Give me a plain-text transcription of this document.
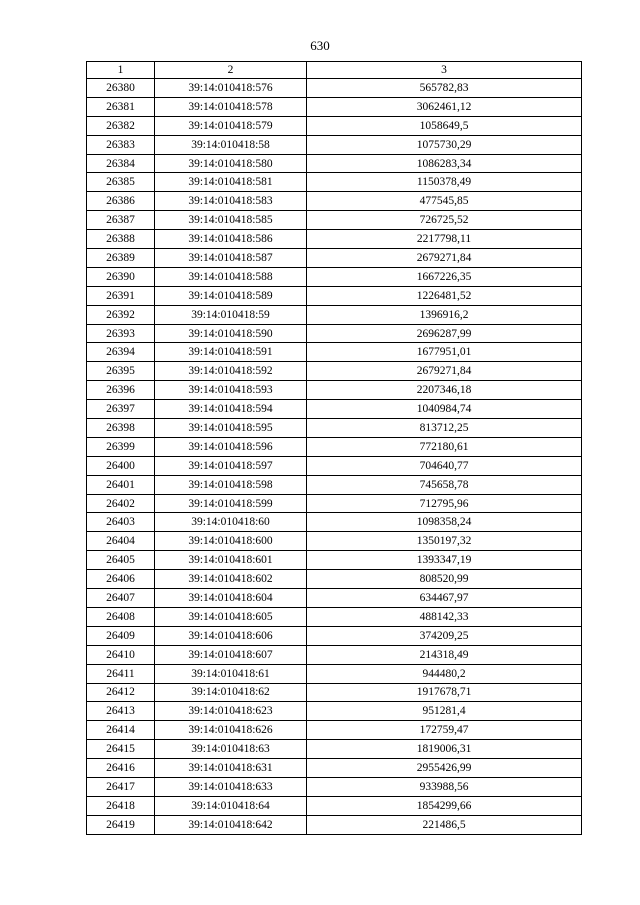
630
1	2	3
26380	39:14:010418:576	565782,83
26381	39:14:010418:578	3062461,12
26382	39:14:010418:579	1058649,5
26383	39:14:010418:58	1075730,29
26384	39:14:010418:580	1086283,34
26385	39:14:010418:581	1150378,49
26386	39:14:010418:583	477545,85
26387	39:14:010418:585	726725,52
26388	39:14:010418:586	2217798,11
26389	39:14:010418:587	2679271,84
26390	39:14:010418:588	1667226,35
26391	39:14:010418:589	1226481,52
26392	39:14:010418:59	1396916,2
26393	39:14:010418:590	2696287,99
26394	39:14:010418:591	1677951,01
26395	39:14:010418:592	2679271,84
26396	39:14:010418:593	2207346,18
26397	39:14:010418:594	1040984,74
26398	39:14:010418:595	813712,25
26399	39:14:010418:596	772180,61
26400	39:14:010418:597	704640,77
26401	39:14:010418:598	745658,78
26402	39:14:010418:599	712795,96
26403	39:14:010418:60	1098358,24
26404	39:14:010418:600	1350197,32
26405	39:14:010418:601	1393347,19
26406	39:14:010418:602	808520,99
26407	39:14:010418:604	634467,97
26408	39:14:010418:605	488142,33
26409	39:14:010418:606	374209,25
26410	39:14:010418:607	214318,49
26411	39:14:010418:61	944480,2
26412	39:14:010418:62	1917678,71
26413	39:14:010418:623	951281,4
26414	39:14:010418:626	172759,47
26415	39:14:010418:63	1819006,31
26416	39:14:010418:631	2955426,99
26417	39:14:010418:633	933988,56
26418	39:14:010418:64	1854299,66
26419	39:14:010418:642	221486,5
